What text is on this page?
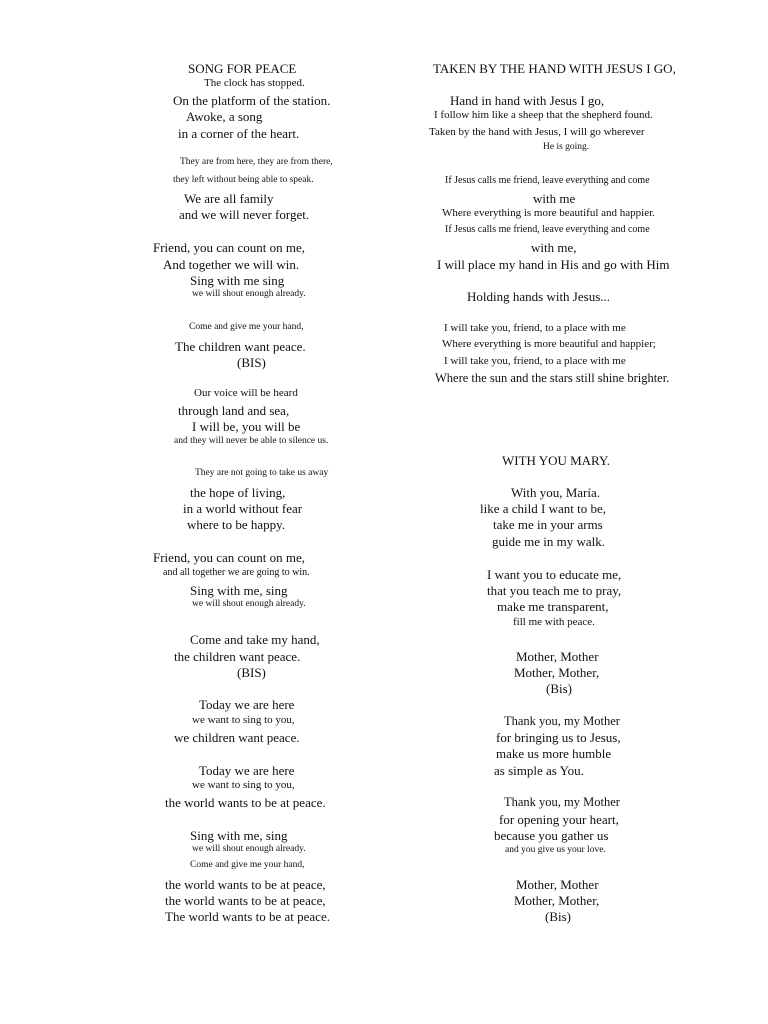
SONG FOR PEACE
The clock has stopped.
On the platform of the station.
Awoke, a song
in a corner of the heart.
They are from here, they are from there,
they left without being able to speak.
We are all family
and we will never forget.
Friend, you can count on me,
And together we will win.
Sing with me sing
we will shout enough already.
Come and give me your hand,
The children want peace.
(BIS)
Our voice will be heard
through land and sea,
I will be, you will be
and they will never be able to silence us.
They are not going to take us away
the hope of living,
in a world without fear
where to be happy.
Friend, you can count on me,
and all together we are going to win.
Sing with me, sing
we will shout enough already.
Come and take my hand,
the children want peace.
(BIS)
Today we are here
we want to sing to you,
we children want peace.
Today we are here
we want to sing to you,
the world wants to be at peace.
Sing with me, sing
we will shout enough already.
Come and give me your hand,
the world wants to be at peace,
the world wants to be at peace,
The world wants to be at peace.
TAKEN BY THE HAND WITH JESUS I GO,
Hand in hand with Jesus I go,
I follow him like a sheep that the shepherd found.
Taken by the hand with Jesus, I will go wherever
He is going.
If Jesus calls me friend, leave everything and come
with me
Where everything is more beautiful and happier.
If Jesus calls me friend, leave everything and come
with me,
I will place my hand in His and go with Him
Holding hands with Jesus...
I will take you, friend, to a place with me
Where everything is more beautiful and happier;
I will take you, friend, to a place with me
Where the sun and the stars still shine brighter.
WITH YOU MARY.
With you, María.
like a child I want to be,
take me in your arms
guide me in my walk.
I want you to educate me,
that you teach me to pray,
make me transparent,
fill me with peace.
Mother, Mother
Mother, Mother,
(Bis)
Thank you, my Mother
for bringing us to Jesus,
make us more humble
as simple as You.
Thank you, my Mother
for opening your heart,
because you gather us
and you give us your love.
Mother, Mother
Mother, Mother,
(Bis)
